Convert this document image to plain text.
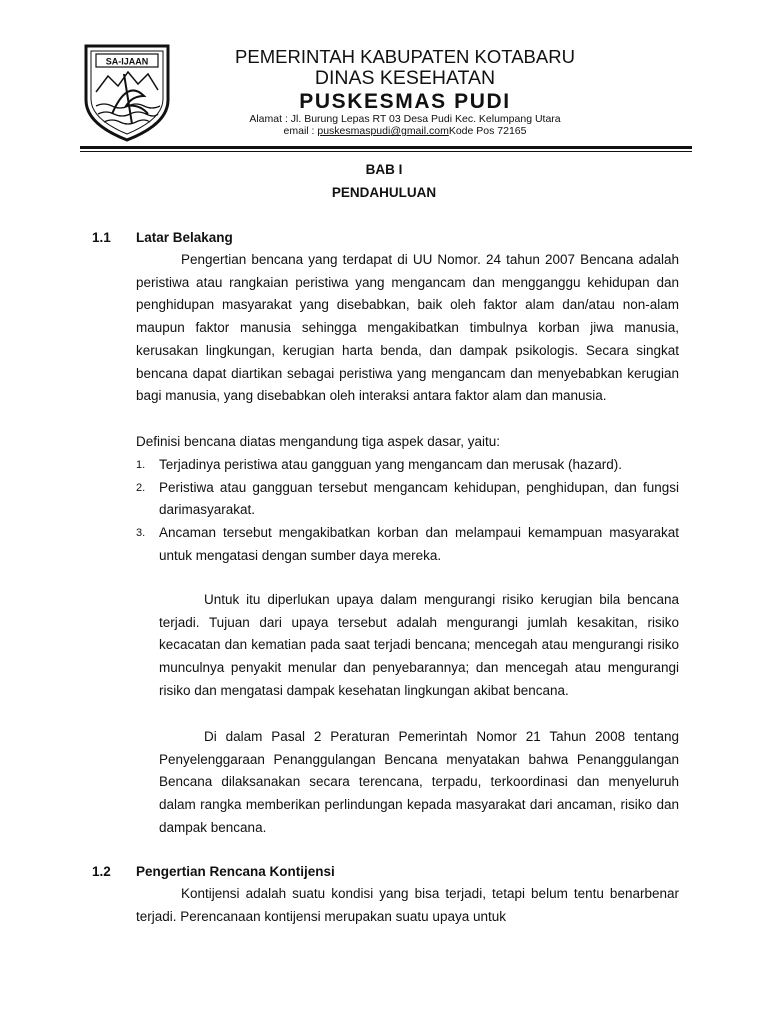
SA-IJAAN	PEMERINTAH KABUPATEN KOTABARU
DINAS KESEHATAN
PUSKESMAS PUDI
Alamat : Jl. Burung Lepas RT 03 Desa Pudi Kec. Kelumpang Utara
email : puskesmaspudi@gmail.comKode Pos 72165
BAB I
PENDAHULUAN
1.1 Latar Belakang
Pengertian bencana yang terdapat di UU Nomor. 24 tahun 2007 Bencana adalah peristiwa atau rangkaian peristiwa yang mengancam dan mengganggu kehidupan dan penghidupan masyarakat yang disebabkan, baik oleh faktor alam dan/atau non-alam maupun faktor manusia sehingga mengakibatkan timbulnya korban jiwa manusia, kerusakan lingkungan, kerugian harta benda, dan dampak psikologis. Secara singkat bencana dapat diartikan sebagai peristiwa yang mengancam dan menyebabkan kerugian bagi manusia, yang disebabkan oleh interaksi antara faktor alam dan manusia.
Definisi bencana diatas mengandung tiga aspek dasar, yaitu:
1. Terjadinya peristiwa atau gangguan yang mengancam dan merusak (hazard).
2. Peristiwa atau gangguan tersebut mengancam kehidupan, penghidupan, dan fungsi darimasyarakat.
3. Ancaman tersebut mengakibatkan korban dan melampaui kemampuan masyarakat untuk mengatasi dengan sumber daya mereka.
Untuk itu diperlukan upaya dalam mengurangi risiko kerugian bila bencana terjadi. Tujuan dari upaya tersebut adalah mengurangi jumlah kesakitan, risiko kecacatan dan kematian pada saat terjadi bencana; mencegah atau mengurangi risiko munculnya penyakit menular dan penyebarannya; dan mencegah atau mengurangi risiko dan mengatasi dampak kesehatan lingkungan akibat bencana.
Di dalam Pasal 2 Peraturan Pemerintah Nomor 21 Tahun 2008 tentang Penyelenggaraan Penanggulangan Bencana menyatakan bahwa Penanggulangan Bencana dilaksanakan secara terencana, terpadu, terkoordinasi dan menyeluruh dalam rangka memberikan perlindungan kepada masyarakat dari ancaman, risiko dan dampak bencana.
1.2 Pengertian Rencana Kontijensi
Kontijensi adalah suatu kondisi yang bisa terjadi, tetapi belum tentu benarbenar terjadi. Perencanaan kontijensi merupakan suatu upaya untuk
